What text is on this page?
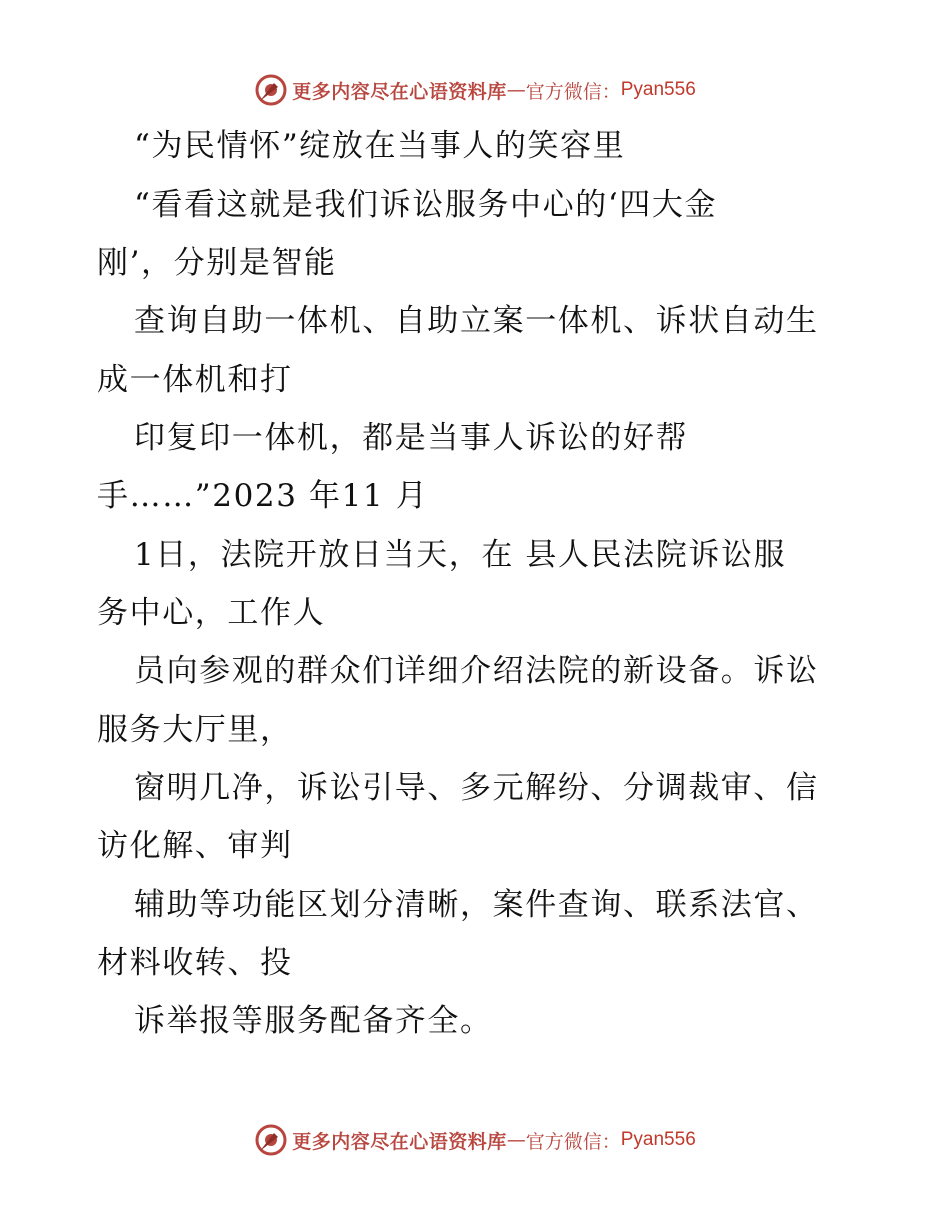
更多内容尽在心语资料库 — 官方微信： Pyan556
“为民情怀”绽放在当事人的笑容里
“看看这就是我们诉讼服务中心的‘四大金
刚’，分别是智能
查询自助一体机、自助立案一体机、诉状自动生
成一体机和打
印复印一体机，都是当事人诉讼的好帮
手……”2023 年11 月
1日，法院开放日当天，在 县人民法院诉讼服
务中心，工作人
员向参观的群众们详细介绍法院的新设备。诉讼
服务大厅里，
窗明几净，诉讼引导、多元解纷、分调裁审、信
访化解、审判
辅助等功能区划分清晰，案件查询、联系法官、
材料收转、投
诉举报等服务配备齐全。
更多内容尽在心语资料库 — 官方微信： Pyan556
